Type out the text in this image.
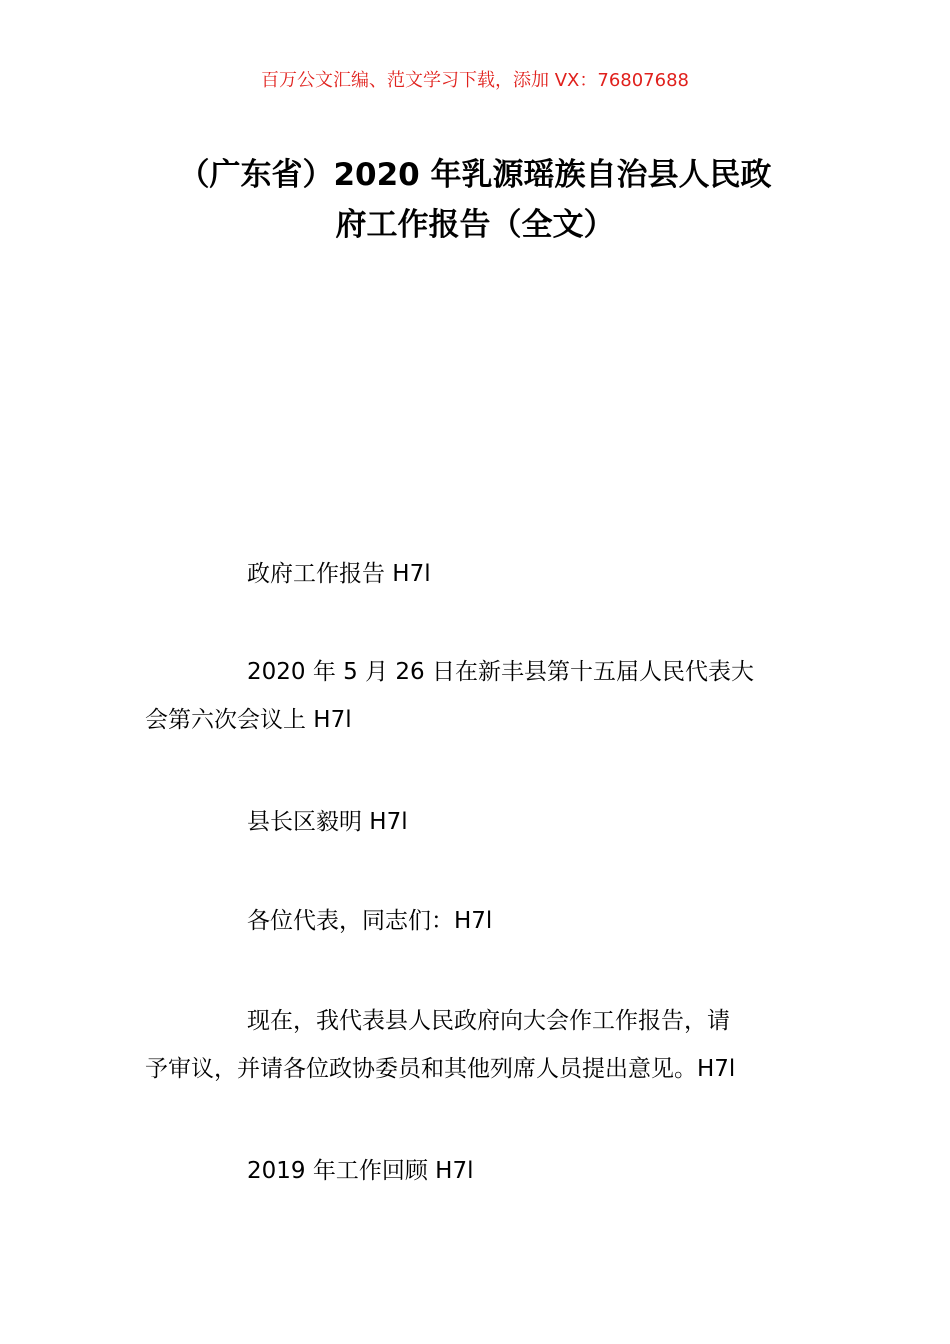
百万公文汇编、范文学习下载，添加 VX：76807688
（广东省）2020 年乳源瑶族自治县人民政
府工作报告（全文）
政府工作报告 H7l
2020 年 5 月 26 日在新丰县第十五届人民代表大
会第六次会议上 H7l
县长区毅明 H7l
各位代表，同志们：H7l
现在，我代表县人民政府向大会作工作报告，请
予审议，并请各位政协委员和其他列席人员提出意见。H7l
2019 年工作回顾 H7l
